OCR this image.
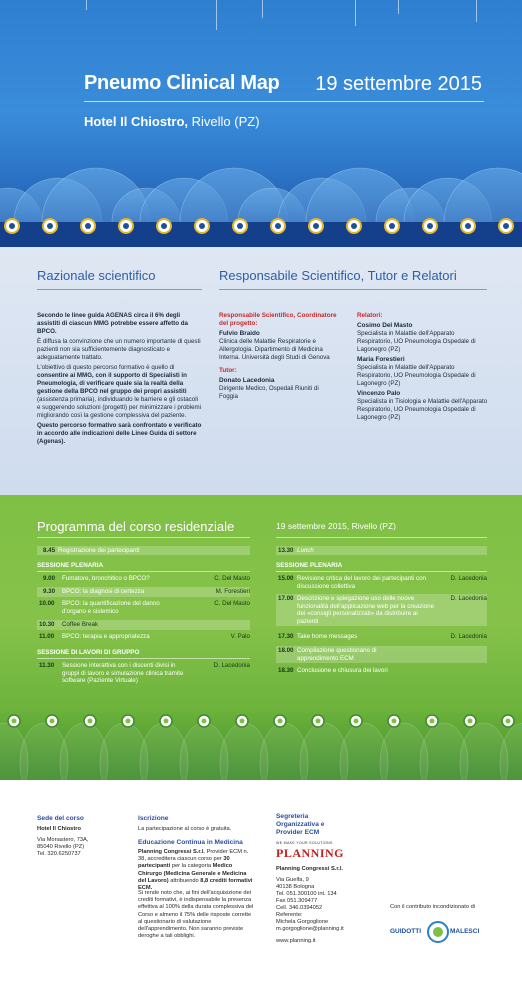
Pneumo Clinical Map 19 settembre 2015
Hotel Il Chiostro, Rivello (PZ)
Razionale scientifico	Responsabile Scientifico, Tutor e Relatori

Secondo le linee guida AGENAS circa il 6% degli assistiti di ciascun MMG potrebbe essere affetto da BPCO.

È diffusa la convinzione che un numero importante di questi pazienti non sia sufficientemente diagnosticato e adeguatamente trattato.

L'obiettivo di questo percorso formativo è quello di consentire ai MMG, con il supporto di Specialisti in Pneumologia, di verificare quale sia la realtà della gestione della BPCO nel gruppo dei propri assistiti (assistenza primaria), individuando le barriere e gli ostacoli e suggerendo soluzioni (progetti) per minimizzare i problemi migliorando così la gestione complessiva del paziente.

Questo percorso formativo sarà confrontato e verificato in accordo alle indicazioni delle Linee Guida di settore (Agenas).

Responsabile Scientifico, Coordinatore del progetto:

Fulvio Braido

Clinica delle Malattie Respiratorie e Allergologia. Dipartimento di Medicina Interna. Università degli Studi di Genova

Tutor:

Donato Lacedonia

Dirigente Medico, Ospedali Riuniti di Foggia

Relatori:

Cosimo Del Masto

Specialista in Malattie dell'Apparato Respiratorio, UO Pneumologia Ospedale di Lagonegro (PZ)

Maria Forestieri

Specialista in Malattie dell'Apparato Respiratorio, UO Pneumologia Ospedale di Lagonegro (PZ)

Vincenzo Palo

Specialista in Tisiologia e Malattie dell'Apparato Respiratorio, UO Pneumologia Ospedale di Lagonegro (PZ)

Programma del corso residenziale	19 settembre 2015, Rivello (PZ)
8.45 Registrazione dei partecipanti
SESSIONE PLENARIA
9.00 Fumatore, bronchitico o BPCO?	C. Del Masto
9.30 BPCO: la diagnosi di certezza	M. Forestieri
10.00 BPCO: la quantificazione del danno d'organo e sistemico
C. Del Masto
10.30 Coffee Break
11.00 BPCO: terapia e appropriatezza	V. Palo
SESSIONE DI LAVORI DI GRUPPO
11.30 Sessione interattiva con i discenti divisi in gruppi di lavoro e simulazione clinica tramite software (Paziente Virtuale)
D. Lacedonia
13.30 Lunch
SESSIONE PLENARIA
15.00 Revisione critica del lavoro dei partecipanti con discussione collettiva
D. Lacedonia
17.00 Descrizione e spiegazione uso delle nuove funzionalità dell'applicazione web per la creazione dei «consigli personalizzati» da distribuire ai pazienti
D. Lacedonia
17.30 Take home messages	D. Lacedonia
18.00 Compilazione questionario di apprendimento ECM
18.30 Conclusione e chiusura dei lavori
Sede del corso
Hotel Il Chiostro
Via Monastero, 73A,
85040 Rivello (PZ)
Tel. 320.6250737
Iscrizione
La partecipazione al corso è gratuita.
Educazione Continua in Medicina
Planning Congressi S.r.l. Provider ECM n. 38, accreditera ciascun corso per 30 partecipanti per la categoria Medico Chirurgo (Medicina Generale e Medicina del Lavoro) attribuendo 8,8 crediti formativi ECM.
Si rende noto che, ai fini dell'acquisizione dei crediti formativi, è indispensabile la presenza effettiva al 100% della durata complessiva del Corso e almeno il 75% delle risposte corrette al questionario di valutazione dell'apprendimento. Non saranno previste deroghe a tali obblighi.
Segreteria Organizzativa e Provider ECM
WE MAKE YOUR SOLUTIONS
PLANNING
Planning Congressi S.r.l.
Via Guelfa, 9
40138 Bologna
Tel. 051.300100 int. 134
Fax 051.309477
Cell. 346.0394052
Referente:
Michela Gorgoglione
m.gorgoglione@planning.it
www.planning.it
Con il contributo incondizionato di
GUIDOTTI	MALESCI
